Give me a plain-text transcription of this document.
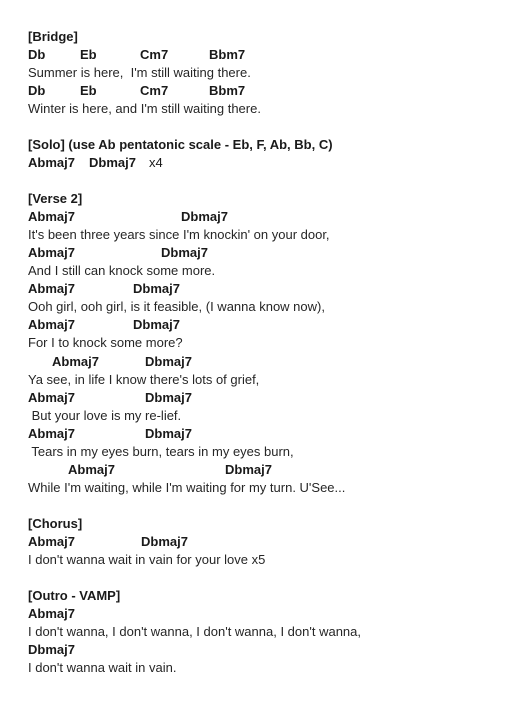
[Bridge]

Db

	Eb

	Cm7

	Bbm7

Summer is here,  I'm still waiting there.

Db

	Eb

	Cm7

	Bbm7

Winter is here, and I'm still waiting there.
[Solo] (use Ab pentatonic scale - Eb, F, Ab, Bb, C)

Abmaj7

Dbmaj7

x4

[Verse 2]

Abmaj7

	Dbmaj7

It's been three years since I'm knockin' on your door,

Abmaj7

	Dbmaj7

And I still can knock some more.

Abmaj7

	Dbmaj7

Ooh girl, ooh girl, is it feasible, (I wanna know now),

Abmaj7

	Dbmaj7

For I to knock some more?

Abmaj7

	Dbmaj7

Ya see, in life I know there's lots of grief,

Abmaj7

	Dbmaj7

But your love is my re-lief.

Abmaj7

	Dbmaj7

Tears in my eyes burn, tears in my eyes burn,

Abmaj7

	Dbmaj7

While I'm waiting, while I'm waiting for my turn. U'See...
[Chorus]

Abmaj7

	Dbmaj7

I don't wanna wait in vain for your love x5
[Outro - VAMP]
Abmaj7
I don't wanna, I don't wanna, I don't wanna, I don't wanna,
Dbmaj7
I don't wanna wait in vain.
